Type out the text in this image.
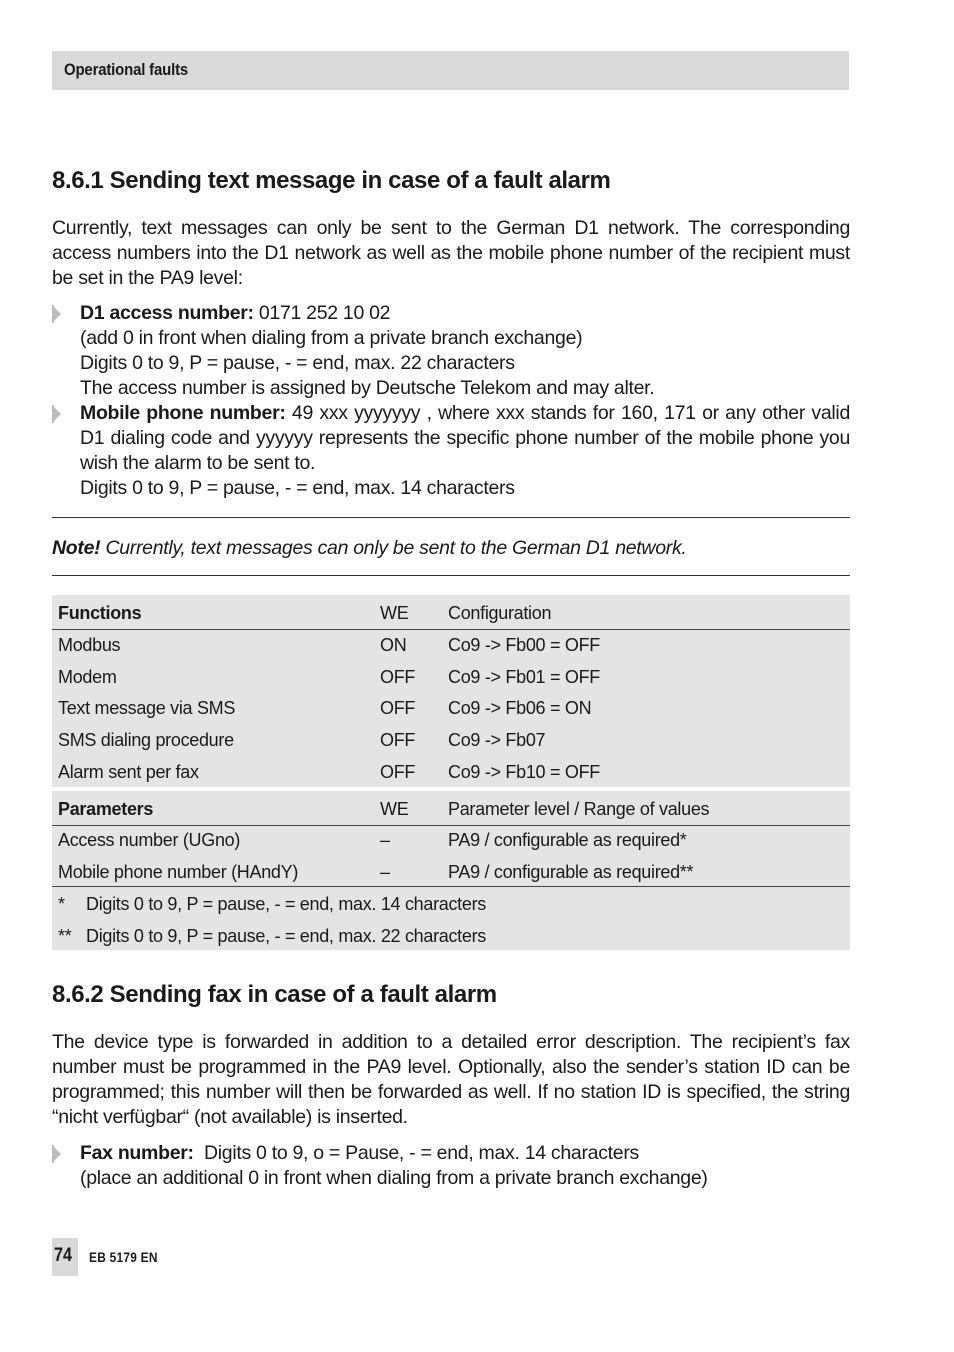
Operational faults
8.6.1 Sending text message in case of a fault alarm

Currently, text messages can only be sent to the German D1 network. The corresponding access numbers into the D1 network as well as the mobile phone number of the recipient must be set in the PA9 level:

D1 access number: 0171 252 10 02
(add 0 in front when dialing from a private branch exchange)
Digits 0 to 9, P = pause, - = end, max. 22 characters
The access number is assigned by Deutsche Telekom and may alter.
Mobile phone number: 49 xxx yyyyyyy , where xxx stands for 160, 171 or any other valid D1 dialing code and yyyyyy represents the specific phone number of the mobile phone you wish the alarm to be sent to.
Digits 0 to 9, P = pause, - = end, max. 14 characters
Note! Currently, text messages can only be sent to the German D1 network.
Functions	WE Configuration
Modbus	ON Co9 -> Fb00 = OFF
Modem	OFF Co9 -> Fb01 = OFF
Text message via SMS	OFF Co9 -> Fb06 = ON
SMS dialing procedure	OFF Co9 -> Fb07
Alarm sent per fax	OFF Co9 -> Fb10 = OFF
Parameters	WE Parameter level / Range of values
Access number (UGno)	–	PA9 / configurable as required*
Mobile phone number (HAndY)	–	PA9 / configurable as required**
* Digits 0 to 9, P = pause, - = end, max. 14 characters
** Digits 0 to 9, P = pause, - = end, max. 22 characters
8.6.2 Sending fax in case of a fault alarm

The device type is forwarded in addition to a detailed error description. The recipient’s fax number must be programmed in the PA9 level. Optionally, also the sender’s station ID can be programmed; this number will then be forwarded as well. If no station ID is specified, the string “nicht verfügbar“ (not available) is inserted.

Fax number:  Digits 0 to 9, o = Pause, - = end, max. 14 characters
(place an additional 0 in front when dialing from a private branch exchange)
74 EB 5179 EN
